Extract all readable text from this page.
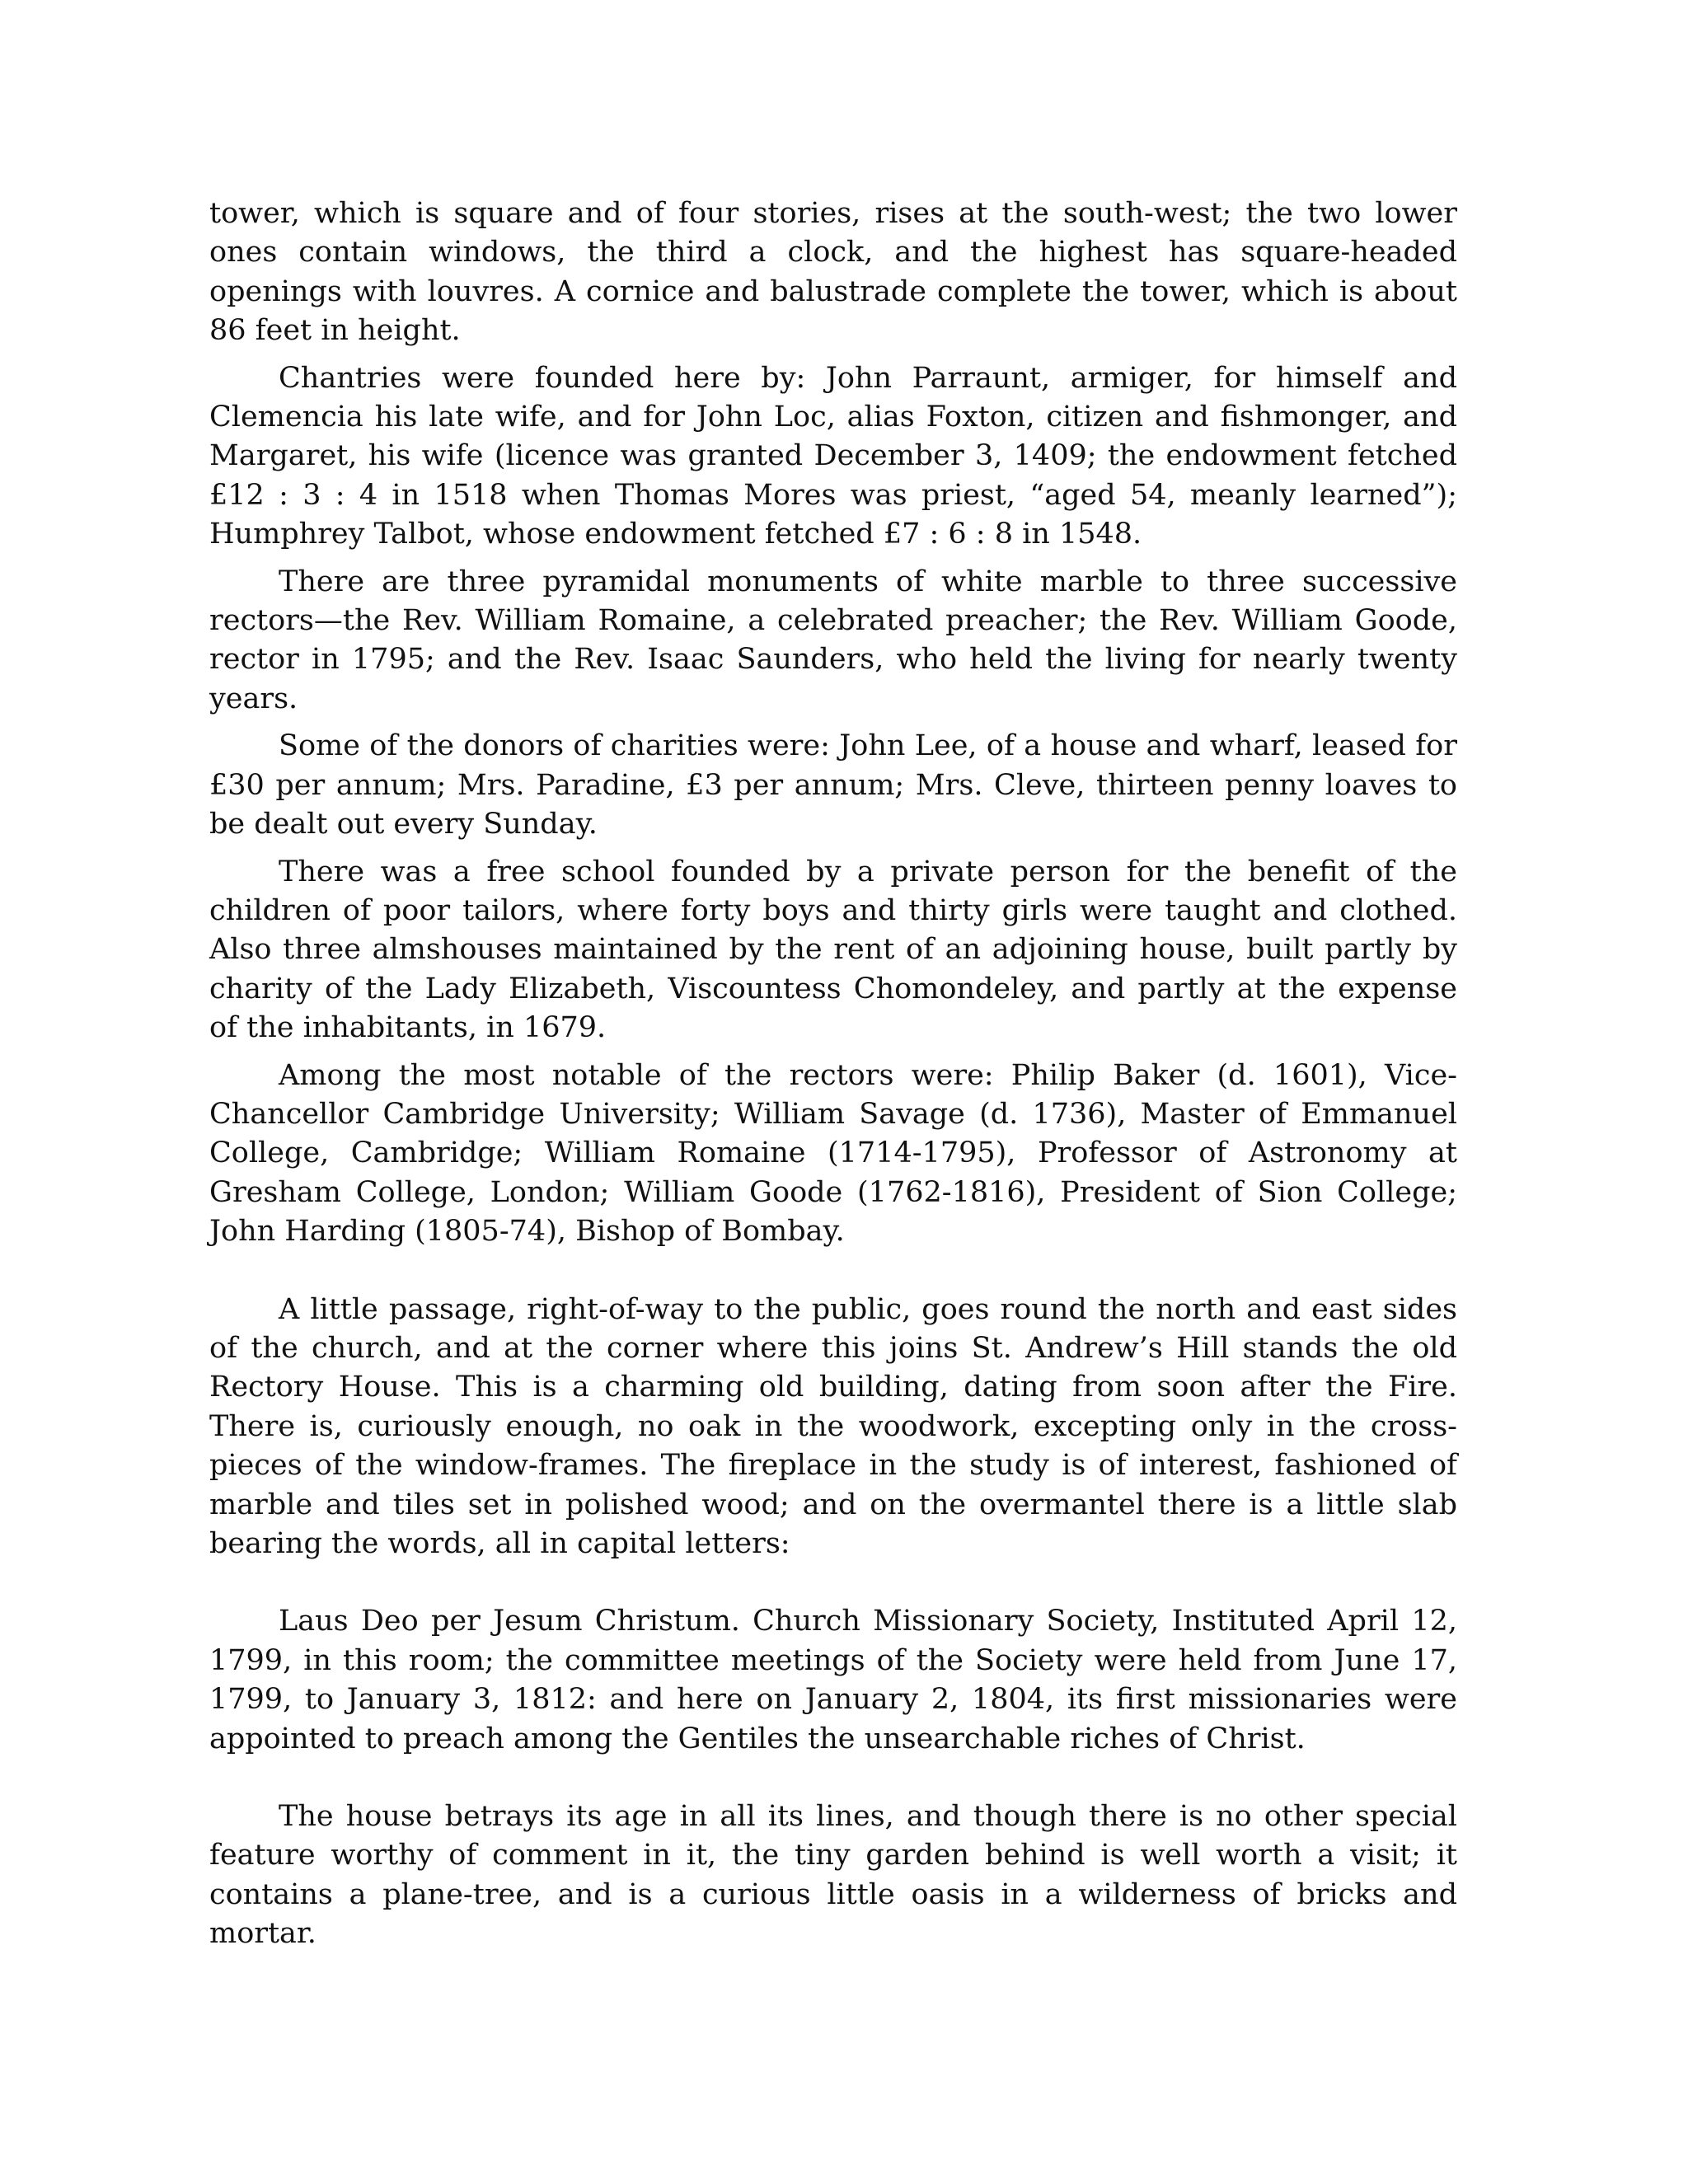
tower, which is square and of four stories, rises at the south-west; the two lower ones contain windows, the third a clock, and the highest has square-headed openings with louvres. A cornice and balustrade complete the tower, which is about 86 feet in height.

Chantries were founded here by: John Parraunt, armiger, for himself and Clemencia his late wife, and for John Loc, alias Foxton, citizen and fishmonger, and Margaret, his wife (licence was granted December 3, 1409; the endowment fetched £12 : 3 : 4 in 1518 when Thomas Mores was priest, “aged 54, meanly learned”); Humphrey Talbot, whose endowment fetched £7 : 6 : 8 in 1548.

There are three pyramidal monuments of white marble to three successive rectors—the Rev. William Romaine, a celebrated preacher; the Rev. William Goode, rector in 1795; and the Rev. Isaac Saunders, who held the living for nearly twenty years.

Some of the donors of charities were: John Lee, of a house and wharf, leased for £30 per annum; Mrs. Paradine, £3 per annum; Mrs. Cleve, thirteen penny loaves to be dealt out every Sunday.

There was a free school founded by a private person for the benefit of the children of poor tailors, where forty boys and thirty girls were taught and clothed. Also three almshouses maintained by the rent of an adjoining house, built partly by charity of the Lady Elizabeth, Viscountess Chomondeley, and partly at the expense of the inhabitants, in 1679.

Among the most notable of the rectors were: Philip Baker (d. 1601), Vice-Chancellor Cambridge University; William Savage (d. 1736), Master of Emmanuel College, Cambridge; William Romaine (1714-1795), Professor of Astronomy at Gresham College, London; William Goode (1762-1816), President of Sion College; John Harding (1805-74), Bishop of Bombay.

A little passage, right-of-way to the public, goes round the north and east sides of the church, and at the corner where this joins St. Andrew’s Hill stands the old Rectory House. This is a charming old building, dating from soon after the Fire. There is, curiously enough, no oak in the woodwork, excepting only in the cross-pieces of the window-frames. The fireplace in the study is of interest, fashioned of marble and tiles set in polished wood; and on the overmantel there is a little slab bearing the words, all in capital letters:

Laus Deo per Jesum Christum. Church Missionary Society, Instituted April 12, 1799, in this room; the committee meetings of the Society were held from June 17, 1799, to January 3, 1812: and here on January 2, 1804, its first missionaries were appointed to preach among the Gentiles the unsearchable riches of Christ.

The house betrays its age in all its lines, and though there is no other special feature worthy of comment in it, the tiny garden behind is well worth a visit; it contains a plane-tree, and is a curious little oasis in a wilderness of bricks and mortar.
